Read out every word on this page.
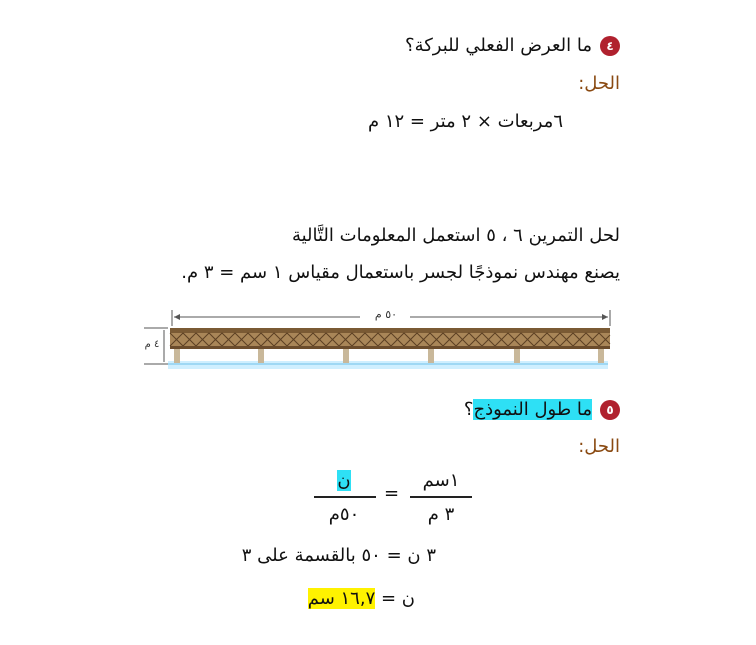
٤ما العرض الفعلي للبركة؟
الحل:
٦مربعات × ٢ متر = ١٢ م
لحل التمرين ٦ ، ٥ استعمل المعلومات التَّالية
يصنع مهندس نموذجًا لجسر باستعمال مقياس ١ سم = ٣ م.
٥٠ م
٤ م
٥ما طول النموذج؟
الحل:
١سم
٣ م
=
ن
٥٠م
٣ ن = ٥٠ بالقسمة على ٣
ن = ١٦,٧ سم
